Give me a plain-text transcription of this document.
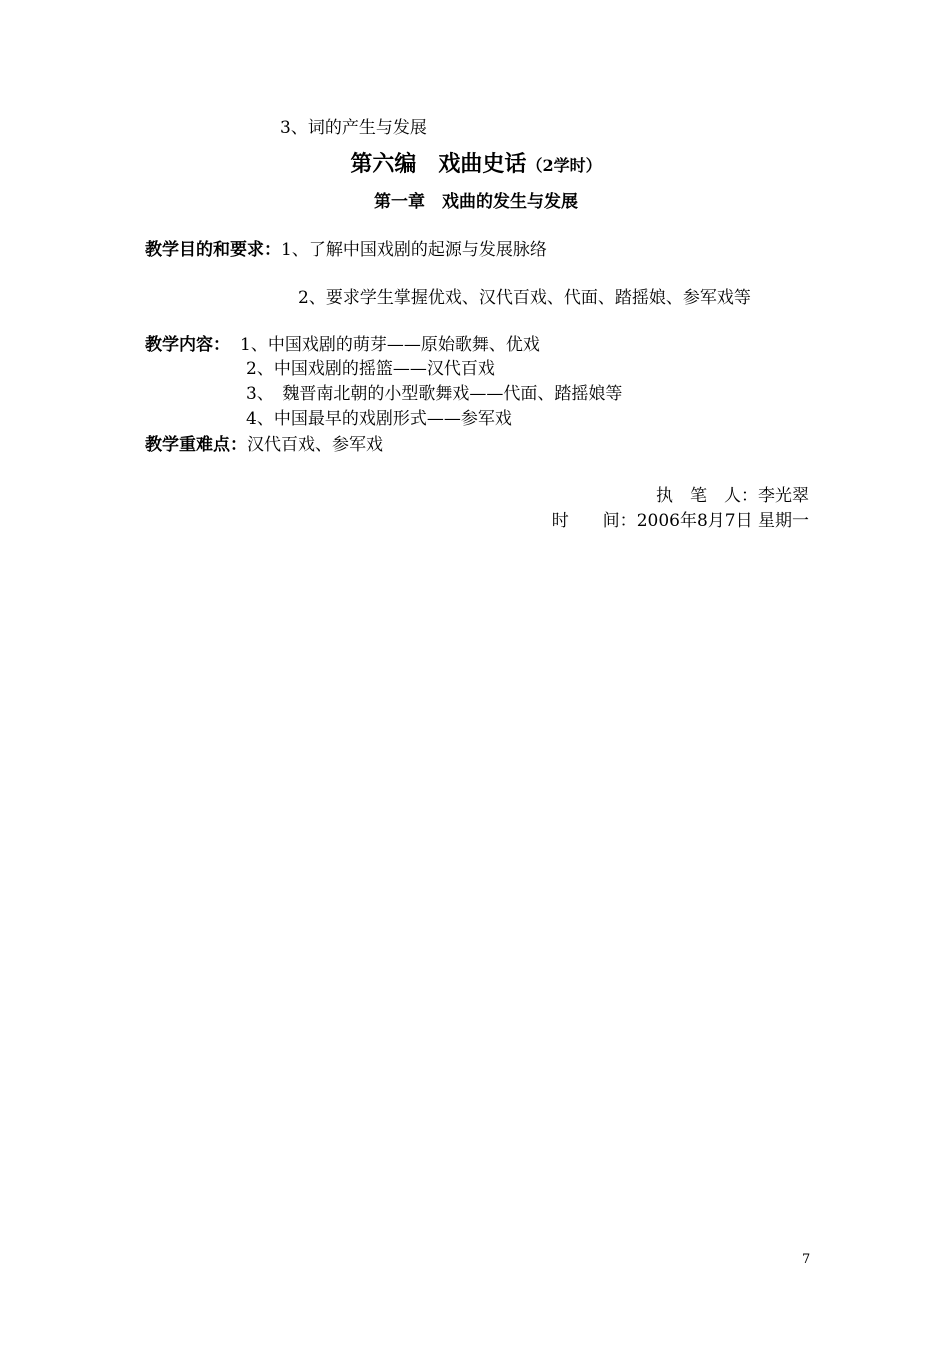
3、词的产生与发展
第六编　戏曲史话（2学时）
第一章　戏曲的发生与发展
教学目的和要求：1、了解中国戏剧的起源与发展脉络
2、要求学生掌握优戏、汉代百戏、代面、踏摇娘、参军戏等
教学内容： 1、中国戏剧的萌芽——原始歌舞、优戏
2、中国戏剧的摇篮——汉代百戏
3、　魏晋南北朝的小型歌舞戏——代面、踏摇娘等
4、中国最早的戏剧形式——参军戏
教学重难点：汉代百戏、参军戏
执　笔　人：李光翠
时　　间：2006年8月7日 星期一
7
